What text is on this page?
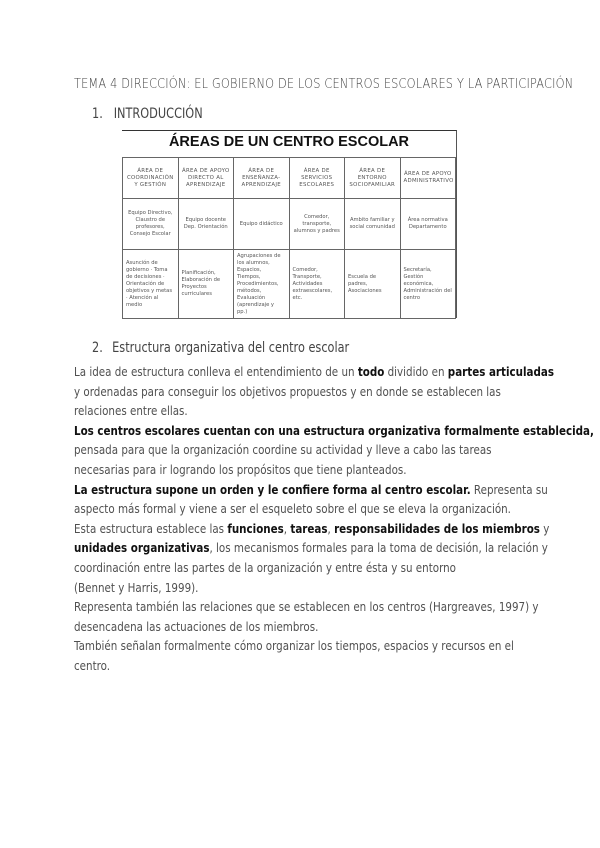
TEMA 4 DIRECCIÓN: EL GOBIERNO DE LOS CENTROS ESCOLARES Y LA PARTICIPACIÓN
1. INTRODUCCIÓN
ÁREAS DE UN CENTRO ESCOLAR
ÁREA DE COORDINACIÓN Y GESTIÓN	ÁREA DE APOYO DIRECTO AL APRENDIZAJE	ÁREA DE ENSEÑANZA-APRENDIZAJE	ÁREA DE SERVICIOS ESCOLARES	ÁREA DE ENTORNO SOCIOFAMILIAR	ÁREA DE APOYO ADMINISTRATIVO
Equipo Directivo, Claustro de profesores, Consejo Escolar	Equipo docente Dep. Orientación	Equipo didáctico	Comedor, transporte, alumnos y padres	Ambito familiar y social comunidad	Área normativa Departamento
Asunción de gobierno · Toma de decisiones · Orientación de objetivos y metas · Atención al medio	Planificación, Elaboración de Proyectos curriculares	Agrupaciones de los alumnos, Espacios, Tiempos, Procedimientos, métodos, Evaluación (aprendizaje y pp.)	Comedor, Transporte, Actividades extraescolares, etc.	Escuela de padres, Asociaciones	Secretaría, Gestión económica, Administración del centro
2. Estructura organizativa del centro escolar

La idea de estructura conlleva el entendimiento de un todo dividido en partes articuladas
y ordenadas para conseguir los objetivos propuestos y en donde se establecen las
relaciones entre ellas.

Los centros escolares cuentan con una estructura organizativa formalmente establecida,
pensada para que la organización coordine su actividad y lleve a cabo las tareas
necesarias para ir logrando los propósitos que tiene planteados.

La estructura supone un orden y le confiere forma al centro escolar. Representa su
aspecto más formal y viene a ser el esqueleto sobre el que se eleva la organización.
Esta estructura establece las funciones, tareas, responsabilidades de los miembros y
unidades organizativas, los mecanismos formales para la toma de decisión, la relación y
coordinación entre las partes de la organización y entre ésta y su entorno
(Bennet y Harris, 1999).

Representa también las relaciones que se establecen en los centros (Hargreaves, 1997) y
desencadena las actuaciones de los miembros.

También señalan formalmente cómo organizar los tiempos, espacios y recursos en el
centro.
